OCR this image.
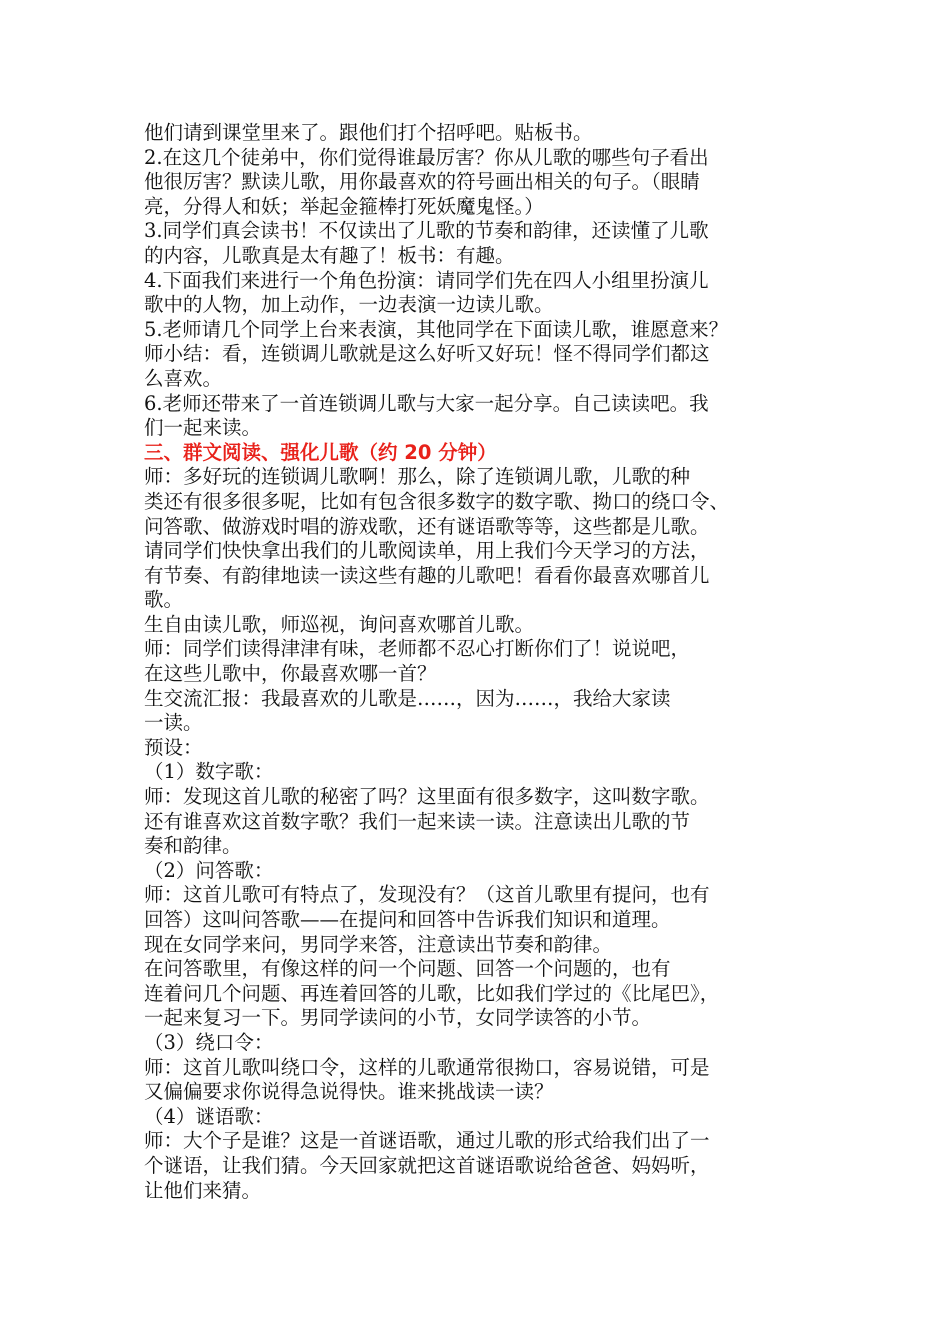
他们请到课堂里来了。跟他们打个招呼吧。贴板书。
2.在这几个徒弟中，你们觉得谁最厉害？你从儿歌的哪些句子看出
他很厉害？默读儿歌，用你最喜欢的符号画出相关的句子。（眼睛
亮，分得人和妖；举起金箍棒打死妖魔鬼怪。）
3.同学们真会读书！不仅读出了儿歌的节奏和韵律，还读懂了儿歌
的内容，儿歌真是太有趣了！板书：有趣。
4.下面我们来进行一个角色扮演：请同学们先在四人小组里扮演儿
歌中的人物，加上动作，一边表演一边读儿歌。
5.老师请几个同学上台来表演，其他同学在下面读儿歌，谁愿意来？
师小结：看，连锁调儿歌就是这么好听又好玩！怪不得同学们都这
么喜欢。
6.老师还带来了一首连锁调儿歌与大家一起分享。自己读读吧。我
们一起来读。
三、群文阅读、强化儿歌（约 20 分钟）
师：多好玩的连锁调儿歌啊！那么，除了连锁调儿歌，儿歌的种
类还有很多很多呢，比如有包含很多数字的数字歌、拗口的绕口令、
问答歌、做游戏时唱的游戏歌，还有谜语歌等等，这些都是儿歌。
请同学们快快拿出我们的儿歌阅读单，用上我们今天学习的方法，
有节奏、有韵律地读一读这些有趣的儿歌吧！看看你最喜欢哪首儿
歌。
生自由读儿歌，师巡视，询问喜欢哪首儿歌。
师：同学们读得津津有味，老师都不忍心打断你们了！说说吧，
在这些儿歌中，你最喜欢哪一首？
生交流汇报：我最喜欢的儿歌是……，因为……，我给大家读
一读。
预设：
（1）数字歌：
师：发现这首儿歌的秘密了吗？这里面有很多数字，这叫数字歌。
还有谁喜欢这首数字歌？我们一起来读一读。注意读出儿歌的节
奏和韵律。
（2）问答歌：
师：这首儿歌可有特点了，发现没有？（这首儿歌里有提问，也有
回答）这叫问答歌——在提问和回答中告诉我们知识和道理。
现在女同学来问，男同学来答，注意读出节奏和韵律。
在问答歌里，有像这样的问一个问题、回答一个问题的，也有
连着问几个问题、再连着回答的儿歌，比如我们学过的《比尾巴》，
一起来复习一下。男同学读问的小节，女同学读答的小节。
（3）绕口令：
师：这首儿歌叫绕口令，这样的儿歌通常很拗口，容易说错，可是
又偏偏要求你说得急说得快。谁来挑战读一读？
（4）谜语歌：
师：大个子是谁？这是一首谜语歌，通过儿歌的形式给我们出了一
个谜语，让我们猜。今天回家就把这首谜语歌说给爸爸、妈妈听，
让他们来猜。
